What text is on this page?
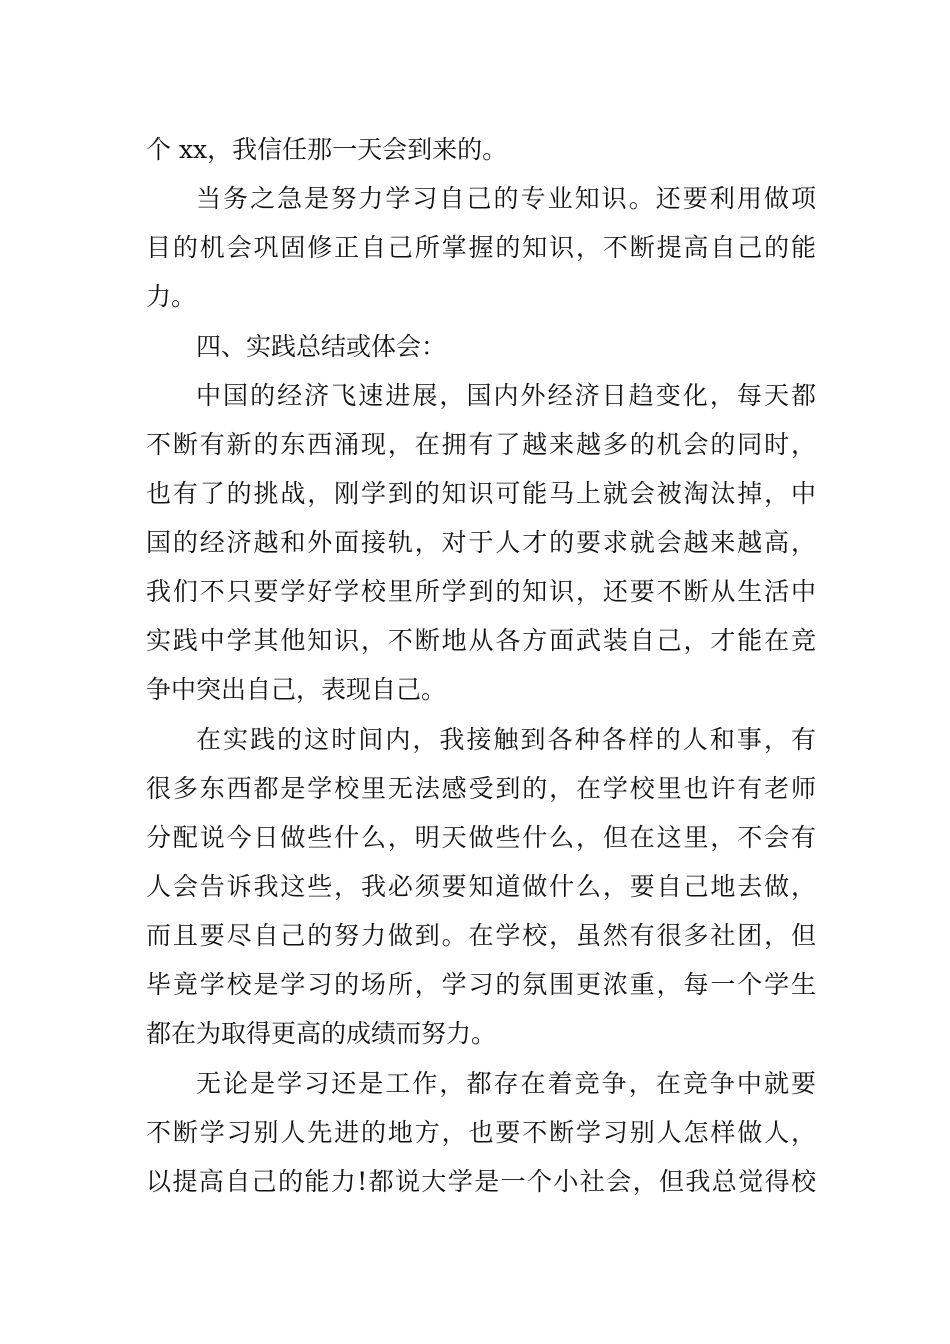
个 xx，我信任那一天会到来的。
当务之急是努力学习自己的专业知识。还要利用做项
目的机会巩固修正自己所掌握的知识，不断提高自己的能
力。
四、实践总结或体会：
中国的经济飞速进展，国内外经济日趋变化，每天都
不断有新的东西涌现，在拥有了越来越多的机会的同时，
也有了的挑战，刚学到的知识可能马上就会被淘汰掉，中
国的经济越和外面接轨，对于人才的要求就会越来越高，
我们不只要学好学校里所学到的知识，还要不断从生活中
实践中学其他知识，不断地从各方面武装自己，才能在竞
争中突出自己，表现自己。
在实践的这时间内，我接触到各种各样的人和事，有
很多东西都是学校里无法感受到的，在学校里也许有老师
分配说今日做些什么，明天做些什么，但在这里，不会有
人会告诉我这些，我必须要知道做什么，要自己地去做，
而且要尽自己的努力做到。在学校，虽然有很多社团，但
毕竟学校是学习的场所，学习的氛围更浓重，每一个学生
都在为取得更高的成绩而努力。
无论是学习还是工作，都存在着竞争，在竞争中就要
不断学习别人先进的地方，也要不断学习别人怎样做人，
以提高自己的能力!都说大学是一个小社会，但我总觉得校
